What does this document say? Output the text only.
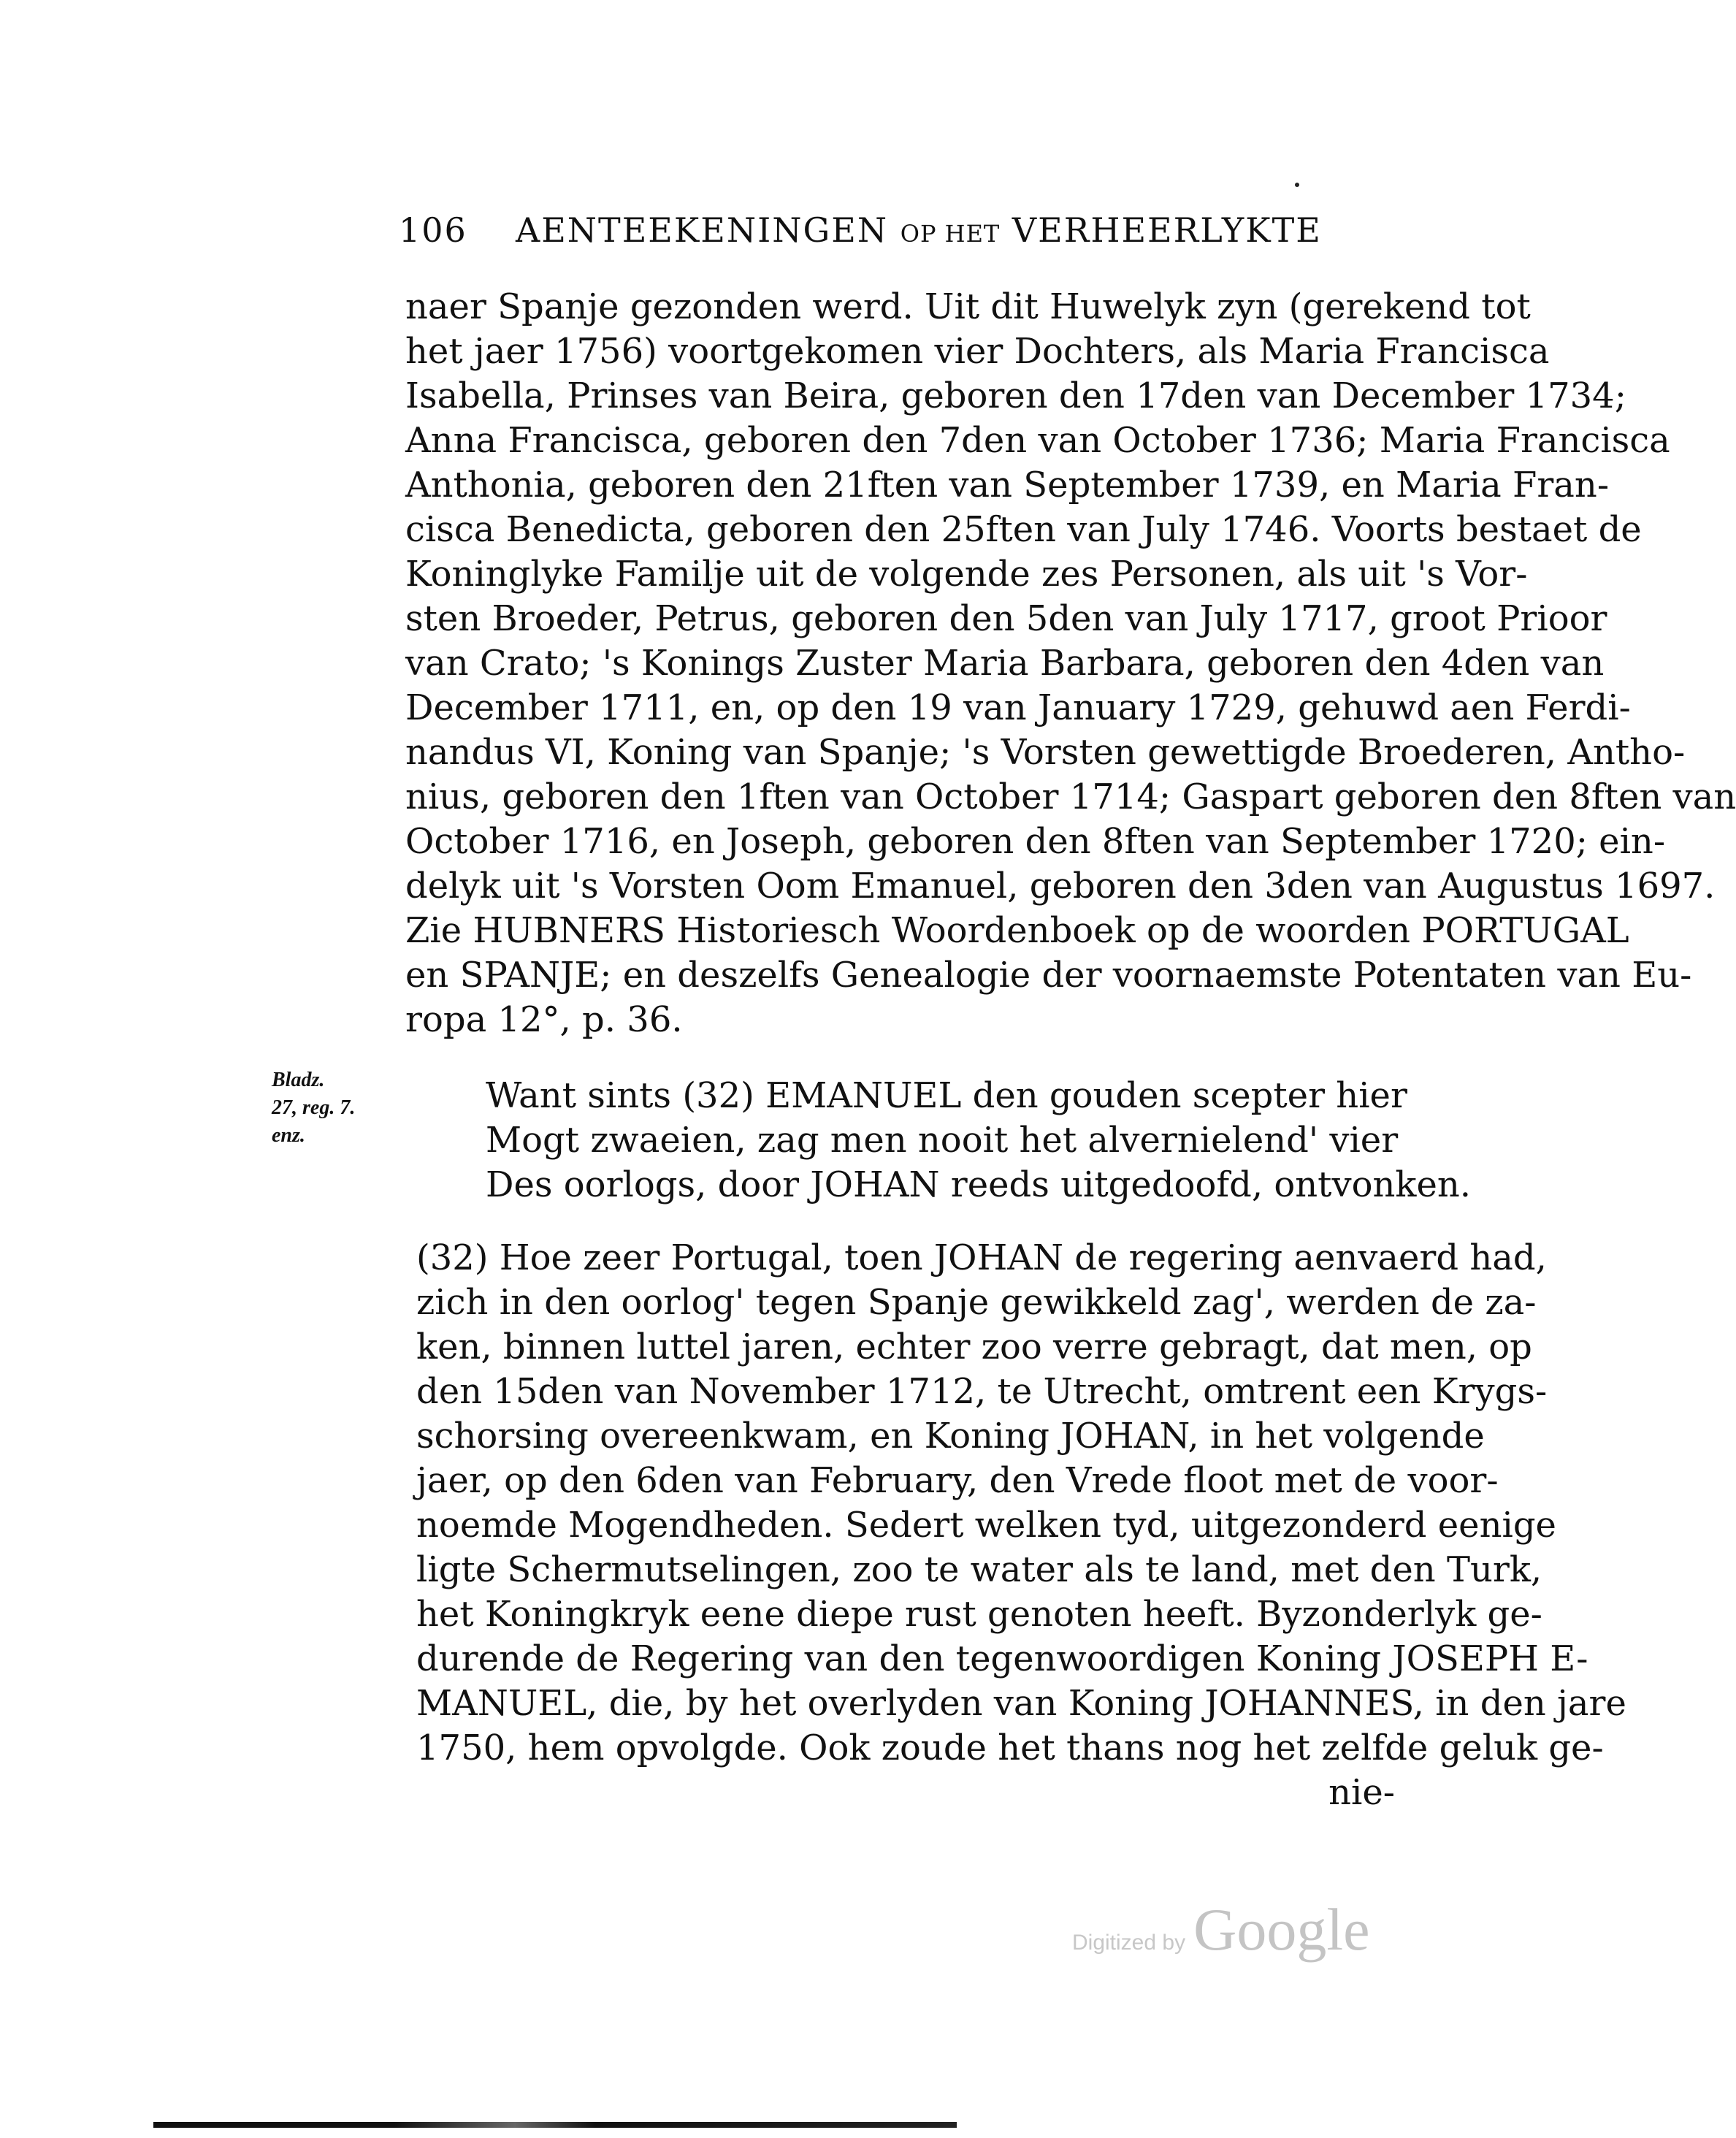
106 AENTEEKENINGEN OP HET VERHEERLYKTE
naer Spanje gezonden werd. Uit dit Huwelyk zyn (gerekend tot
het jaer 1756) voortgekomen vier Dochters, als Maria Francisca
Isabella, Prinses van Beira, geboren den 17den van December 1734;
Anna Francisca, geboren den 7den van October 1736; Maria Francisca
Anthonia, geboren den 21ften van September 1739, en Maria Fran-
cisca Benedicta, geboren den 25ften van July 1746. Voorts bestaet de
Koninglyke Familje uit de volgende zes Personen, als uit 's Vor-
sten Broeder, Petrus, geboren den 5den van July 1717, groot Prioor
van Crato; 's Konings Zuster Maria Barbara, geboren den 4den van
December 1711, en, op den 19 van January 1729, gehuwd aen Ferdi-
nandus VI, Koning van Spanje; 's Vorsten gewettigde Broederen, Antho-
nius, geboren den 1ften van October 1714; Gaspart geboren den 8ften van
October 1716, en Joseph, geboren den 8ften van September 1720; ein-
delyk uit 's Vorsten Oom Emanuel, geboren den 3den van Augustus 1697.
Zie HUBNERS Historiesch Woordenboek op de woorden PORTUGAL
en SPANJE; en deszelfs Genealogie der voornaemste Potentaten van Eu-
ropa 12°, p. 36.
Bladz.
27, reg. 7.
enz.
Want sints (32) EMANUEL den gouden scepter hier
Mogt zwaeien, zag men nooit het alvernielend' vier
Des oorlogs, door JOHAN reeds uitgedoofd, ontvonken.
(32) Hoe zeer Portugal, toen JOHAN de regering aenvaerd had,
zich in den oorlog' tegen Spanje gewikkeld zag', werden de za-
ken, binnen luttel jaren, echter zoo verre gebragt, dat men, op
den 15den van November 1712, te Utrecht, omtrent een Krygs-
schorsing overeenkwam, en Koning JOHAN, in het volgende
jaer, op den 6den van February, den Vrede floot met de voor-
noemde Mogendheden. Sedert welken tyd, uitgezonderd eenige
ligte Schermutselingen, zoo te water als te land, met den Turk,
het Koningkryk eene diepe rust genoten heeft. Byzonderlyk ge-
durende de Regering van den tegenwoordigen Koning JOSEPH E-
MANUEL, die, by het overlyden van Koning JOHANNES, in den jare
1750, hem opvolgde. Ook zoude het thans nog het zelfde geluk ge-
nie-
Digitized by Google
